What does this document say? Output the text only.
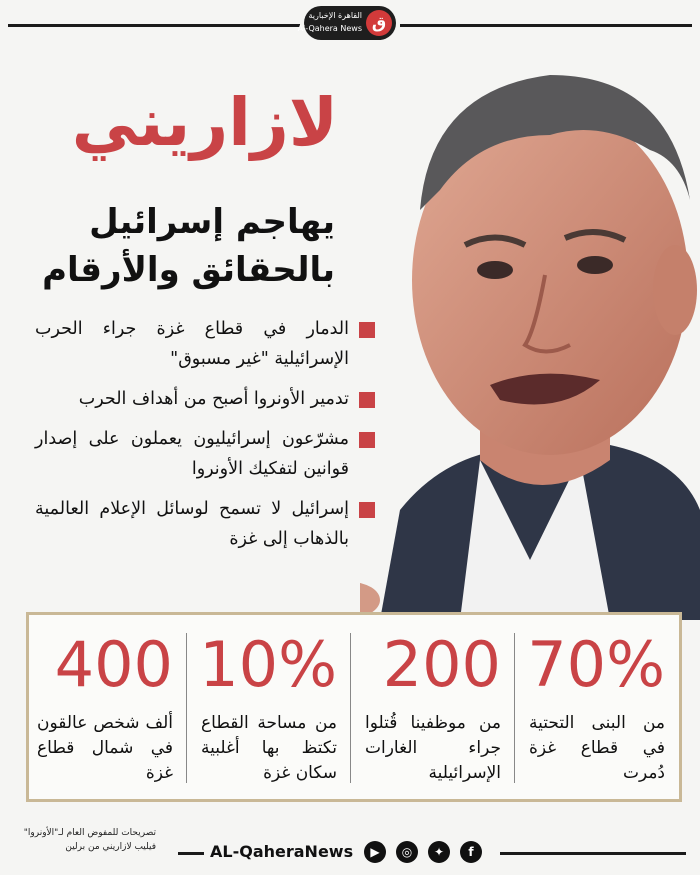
ق
القاهرة الإخبارية
Al-Qahera News
لازاريني
يهاجم إسرائيل
بالحقائق والأرقام
الدمار في قطاع غزة جراء الحرب الإسرائيلية "غير مسبوق"
تدمير الأونروا أصبح من أهداف الحرب
مشرّعون إسرائيليون يعملون على إصدار قوانين لتفكيك الأونروا
إسرائيل لا تسمح لوسائل الإعلام العالمية بالذهاب إلى غزة
70%
من البنى التحتية في قطاع غزة دُمرت
200
من موظفينا قُتلوا جراء الغارات الإسرائيلية
10%
من مساحة القطاع تكتظ بها أغلبية سكان غزة
400
ألف شخص عالقون في شمال قطاع غزة
تصريحات للمفوض العام لـ"الأونروا"
فيليب لازاريني من برلين	AL-QaheraNews	▶	◎	✦	f
